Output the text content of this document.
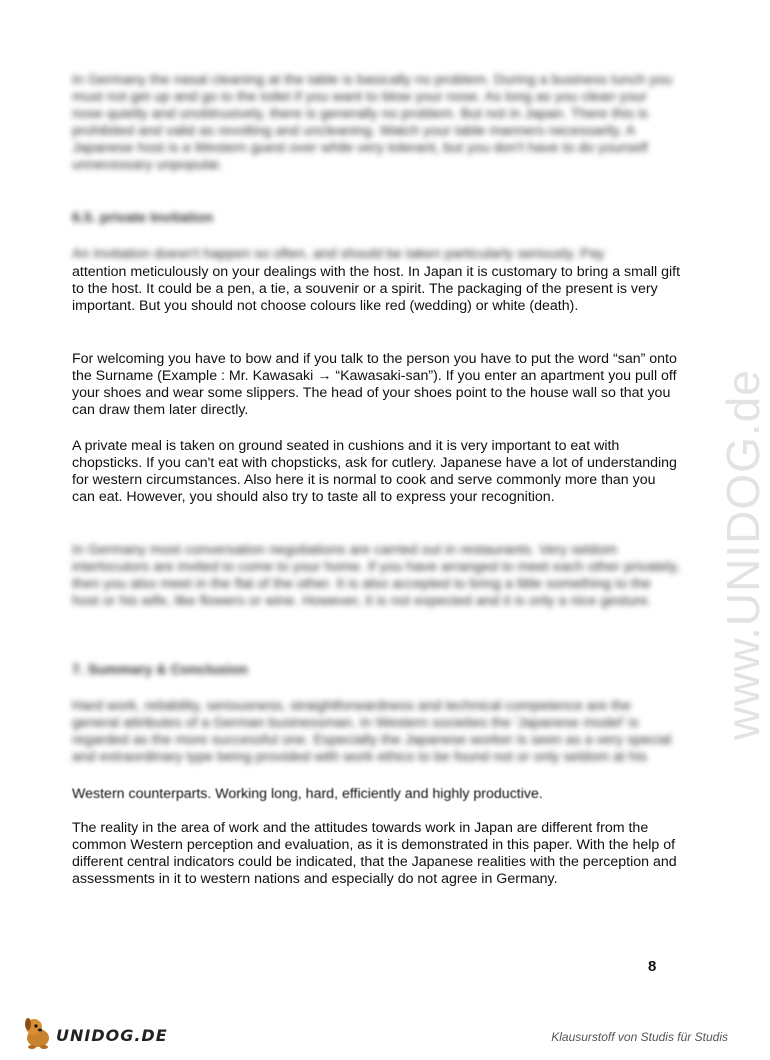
In Germany the nasal cleaning at the table is basically no problem. During a business lunch you must not get up and go to the toilet if you want to blow your nose. As long as you clean your nose quietly and unobtrusively, there is generally no problem. But not in Japan. There this is prohibited and valid as revolting and uncleaning. Watch your table manners necessarily. A Japanese host is a Western guest over while very tolerant, but you don't have to do yourself unnecessary unpopular.

6.5. private Invitation

An Invitation doesn't happen so often, and should be taken particularly seriously. Pay

attention meticulously on your dealings with the host. In Japan it is customary to bring a small gift to the host. It could be a pen, a tie, a souvenir or a spirit. The packaging of the present is very important. But you should not choose colours like red (wedding) or white (death).

For welcoming you have to bow and if you talk to the person you have to put the word “san” onto the Surname (Example : Mr. Kawasaki → “Kawasaki-san”). If you enter an apartment you pull off your shoes and wear some slippers. The head of your shoes point to the house wall so that you can draw them later directly.

A private meal is taken on ground seated in cushions and it is very important to eat with chopsticks. If you can't eat with chopsticks, ask for cutlery. Japanese have a lot of understanding for western circumstances. Also here it is normal to cook and serve commonly more than you can eat. However, you should also try to taste all to express your recognition.

In Germany most conversation negotiations are carried out in restaurants. Very seldom interlocutors are invited to come to your home. If you have arranged to meet each other privately, then you also meet in the flat of the other. It is also accepted to bring a little something to the host or his wife, like flowers or wine. However, it is not expected and it is only a nice gesture.

7. Summary & Conclusion

Hard work, reliability, seriousness, straightforwardness and technical competence are the general attributes of a German businessman. In Western societies the 'Japanese model' is regarded as the more successful one. Especially the Japanese worker is seen as a very special and extraordinary type being provided with work ethics to be found not or only seldom at his

Western counterparts. Working long, hard, efficiently and highly productive.

The reality in the area of work and the attitudes towards work in Japan are different from the common Western perception and evaluation, as it is demonstrated in this paper. With the help of different central indicators could be indicated, that the Japanese realities with the perception and assessments in it to western nations and especially do not agree in Germany.

www.UNIDOG.de
8
UNIDOG.DE	Klausurstoff von Studis für Studis
